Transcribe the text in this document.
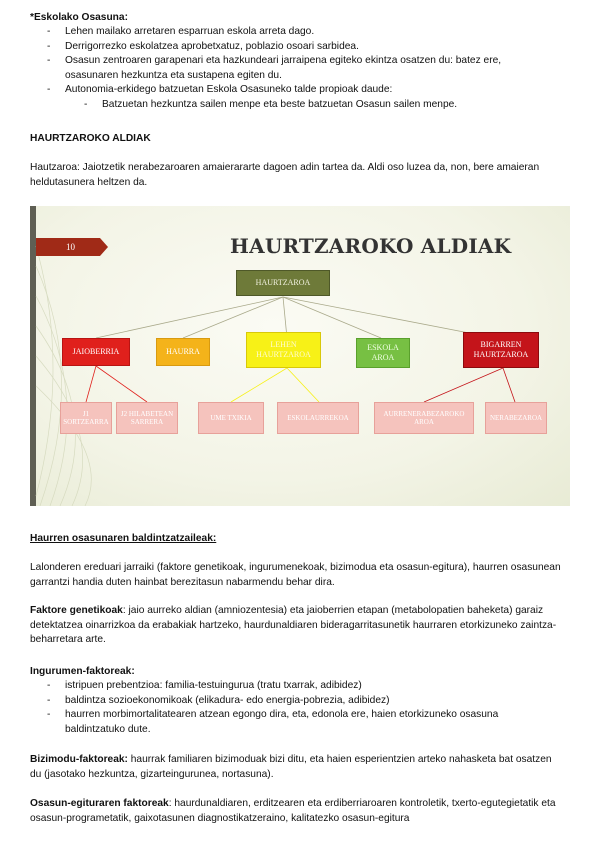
*Eskolako Osasuna:
- Lehen mailako arretaren esparruan eskola arreta dago.
- Derrigorrezko eskolatzea aprobetxatuz, poblazio osoari sarbidea.
- Osasun zentroaren garapenari eta hazkundeari jarraipena egiteko ekintza osatzen du: batez ere, osasunaren hezkuntza eta sustapena egiten du.
- Autonomia-erkidego batzuetan Eskola Osasuneko talde propioak daude:
- Batzuetan hezkuntza sailen menpe eta beste batzuetan Osasun sailen menpe.
HAURTZAROKO ALDIAK
Hautzaroa: Jaiotzetik nerabezaroaren amaierararte dagoen adin tartea da. Aldi oso luzea da, non, bere amaieran heldutasunera heltzen da.
10	HAURTZAROKO ALDIAK
HAURTZAROA
JAIOBERRIA	HAURRA
LEHEN HAURTZAROA
ESKOLA AROA
BIGARREN HAURTZAROA
J1 SORTZEARRA
J2 HILABETEAN SARRERA
UME TXIKIA	ESKOLAURREKOA
AURRENERABEZAROKO AROA
NERABEZAROA
Haurren osasunaren baldintzatzaileak:
Lalonderen ereduari jarraiki (faktore genetikoak, ingurumenekoak, bizimodua eta osasun-egitura), haurren osasunean garrantzi handia duten hainbat berezitasun nabarmendu behar dira.
Faktore genetikoak: jaio aurreko aldian (amniozentesia) eta jaioberrien etapan (metabolopatien baheketa) garaiz detektatzea oinarrizkoa da erabakiak hartzeko, haurdunaldiaren bideragarritasunetik haurraren etorkizuneko zaintza-beharretara arte.
Ingurumen-faktoreak:
- istripuen prebentzioa: familia-testuingurua (tratu txarrak, adibidez)
- baldintza sozioekonomikoak (elikadura- edo energia-pobrezia, adibidez)
- haurren morbimortalitatearen atzean egongo dira, eta, edonola ere, haien etorkizuneko osasuna baldintzatuko dute.
Bizimodu-faktoreak: haurrak familiaren bizimoduak bizi ditu, eta haien esperientzien arteko nahasketa bat osatzen du (jasotako hezkuntza, gizarteingurunea, nortasuna).
Osasun-egituraren faktoreak: haurdunaldiaren, erditzearen eta erdiberriaroaren kontroletik, txerto-egutegietatik eta osasun-programetatik, gaixotasunen diagnostikatzeraino, kalitatezko osasun-egitura
